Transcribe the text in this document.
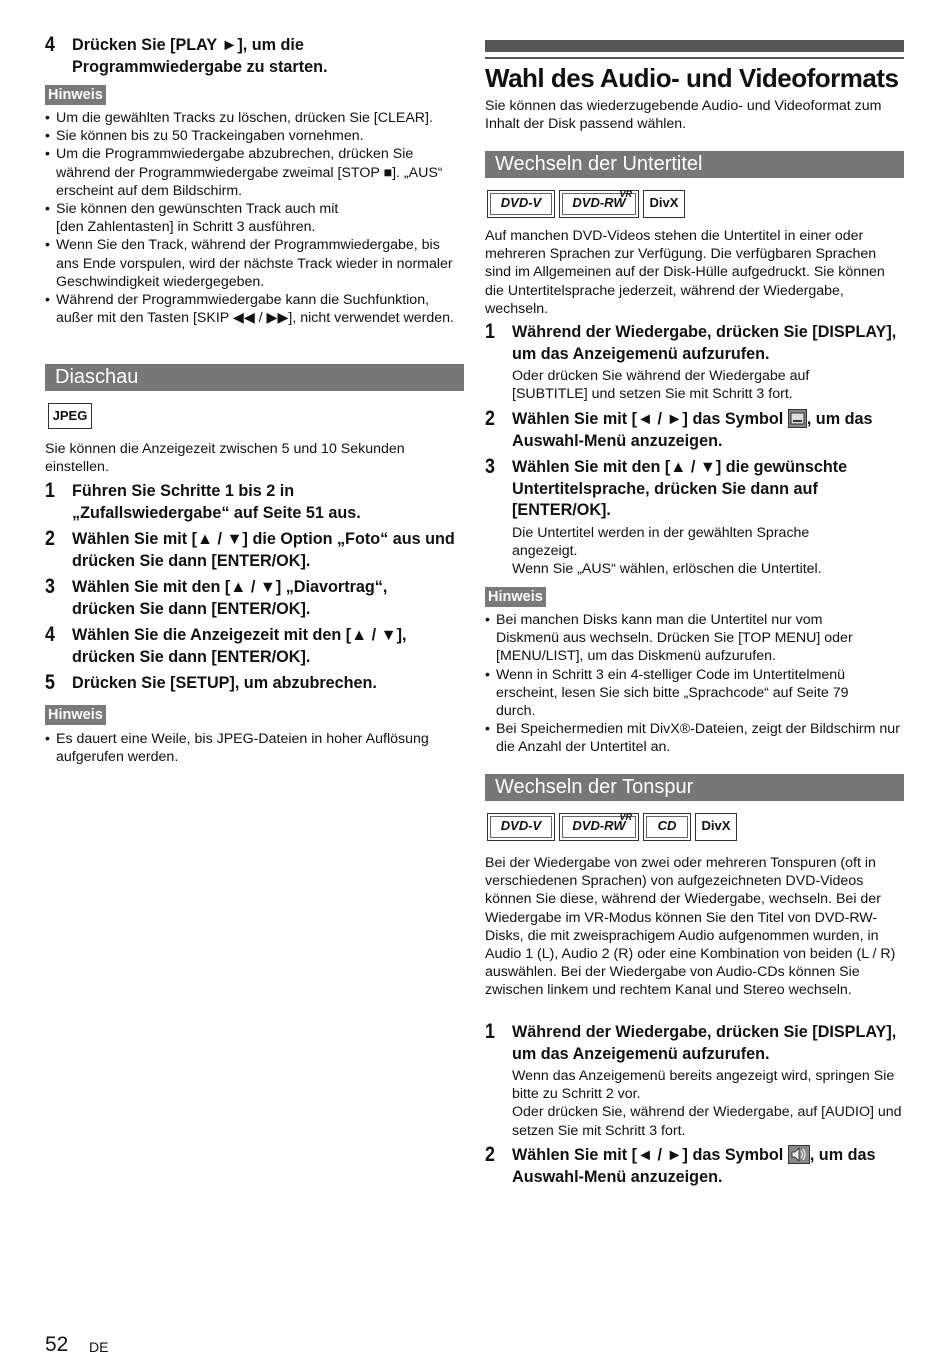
4 Drücken Sie [PLAY ►], um die Programmwiedergabe zu starten.
Hinweis
• Um die gewählten Tracks zu löschen, drücken Sie [CLEAR].
• Sie können bis zu 50 Trackeingaben vornehmen.
• Um die Programmwiedergabe abzubrechen, drücken Sie während der Programmwiedergabe zweimal [STOP ■]. „AUS“ erscheint auf dem Bildschirm.
• Sie können den gewünschten Track auch mit [den Zahlentasten] in Schritt 3 ausführen.
• Wenn Sie den Track, während der Programmwiedergabe, bis ans Ende vorspulen, wird der nächste Track wieder in normaler Geschwindigkeit wiedergegeben.
• Während der Programmwiedergabe kann die Suchfunktion, außer mit den Tasten [SKIP ◀◀ / ▶▶], nicht verwendet werden.
Diaschau
JPEG

Sie können die Anzeigezeit zwischen 5 und 10 Sekunden einstellen.

1 Führen Sie Schritte 1 bis 2 in „Zufallswiedergabe“ auf Seite 51 aus.
2 Wählen Sie mit [▲ / ▼] die Option „Foto“ aus und drücken Sie dann [ENTER/OK].
3 Wählen Sie mit den [▲ / ▼] „Diavortrag“, drücken Sie dann [ENTER/OK].
4 Wählen Sie die Anzeigezeit mit den [▲ / ▼], drücken Sie dann [ENTER/OK].
5 Drücken Sie [SETUP], um abzubrechen.
Hinweis
• Es dauert eine Weile, bis JPEG-Dateien in hoher Auflösung aufgerufen werden.
Wahl des Audio- und Videoformats

Sie können das wiederzugebende Audio- und Videoformat zum Inhalt der Disk passend wählen.

Wechseln der Untertitel
DVD-V
VR
DVD-RW DivX

Auf manchen DVD-Videos stehen die Untertitel in einer oder mehreren Sprachen zur Verfügung. Die verfügbaren Sprachen sind im Allgemeinen auf der Disk-Hülle aufgedruckt. Sie können die Untertitelsprache jederzeit, während der Wiedergabe, wechseln.

1 Während der Wiedergabe, drücken Sie [DISPLAY], um das Anzeigemenü aufzurufen.

Oder drücken Sie während der Wiedergabe auf [SUBTITLE] und setzen Sie mit Schritt 3 fort.

2 Wählen Sie mit [◄ / ►] das Symbol , um das Auswahl-Menü anzuzeigen.
3 Wählen Sie mit den [▲ / ▼] die gewünschte Untertitelsprache, drücken Sie dann auf [ENTER/OK].

Die Untertitel werden in der gewählten Sprache angezeigt.

Wenn Sie „AUS“ wählen, erlöschen die Untertitel.

Hinweis
• Bei manchen Disks kann man die Untertitel nur vom Diskmenü aus wechseln. Drücken Sie [TOP MENU] oder [MENU/LIST], um das Diskmenü aufzurufen.
• Wenn in Schritt 3 ein 4-stelliger Code im Untertitelmenü erscheint, lesen Sie sich bitte „Sprachcode“ auf Seite 79 durch.
• Bei Speichermedien mit DivX®-Dateien, zeigt der Bildschirm nur die Anzahl der Untertitel an.
Wechseln der Tonspur
DVD-V
VR
DVD-RW CD DivX

Bei der Wiedergabe von zwei oder mehreren Tonspuren (oft in verschiedenen Sprachen) von aufgezeichneten DVD-Videos können Sie diese, während der Wiedergabe, wechseln. Bei der Wiedergabe im VR-Modus können Sie den Titel von DVD-RW-Disks, die mit zweisprachigem Audio aufgenommen wurden, in Audio 1 (L), Audio 2 (R) oder eine Kombination von beiden (L / R) auswählen. Bei der Wiedergabe von Audio-CDs können Sie zwischen linkem und rechtem Kanal und Stereo wechseln.

1 Während der Wiedergabe, drücken Sie [DISPLAY], um das Anzeigemenü aufzurufen.

Wenn das Anzeigemenü bereits angezeigt wird, springen Sie bitte zu Schritt 2 vor.

Oder drücken Sie, während der Wiedergabe, auf [AUDIO] und setzen Sie mit Schritt 3 fort.

2 Wählen Sie mit [◄ / ►] das Symbol , um das Auswahl-Menü anzuzeigen.
52 DE
